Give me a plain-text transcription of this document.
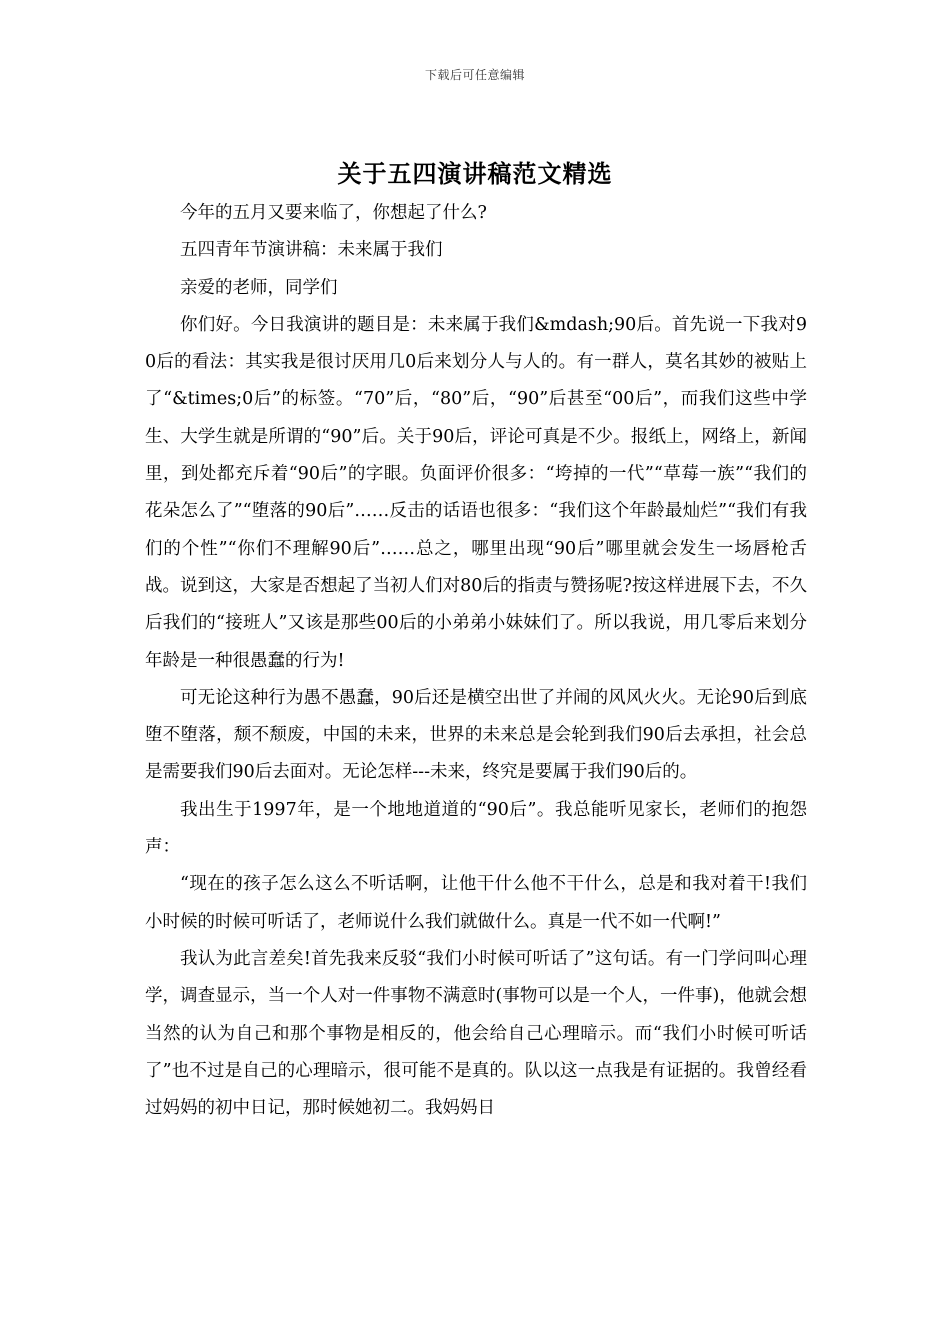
下载后可任意编辑
关于五四演讲稿范文精选

今年的五月又要来临了，你想起了什么?

五四青年节演讲稿：未来属于我们

亲爱的老师，同学们

你们好。今日我演讲的题目是：未来属于我们&mdash;90后。首先说一下我对90后的看法：其实我是很讨厌用几0后来划分人与人的。有一群人，莫名其妙的被贴上了“&times;0后”的标签。“70”后，“80”后，“90”后甚至“00后”，而我们这些中学生、大学生就是所谓的“90”后。关于90后，评论可真是不少。报纸上，网络上，新闻里，到处都充斥着“90后”的字眼。负面评价很多：“垮掉的一代”“草莓一族”“我们的花朵怎么了”“堕落的90后”……反击的话语也很多：“我们这个年龄最灿烂”“我们有我们的个性”“你们不理解90后”……总之，哪里出现“90后”哪里就会发生一场唇枪舌战。说到这，大家是否想起了当初人们对80后的指责与赞扬呢?按这样进展下去，不久后我们的“接班人”又该是那些00后的小弟弟小妹妹们了。所以我说，用几零后来划分年龄是一种很愚蠢的行为!

可无论这种行为愚不愚蠢，90后还是横空出世了并闹的风风火火。无论90后到底堕不堕落，颓不颓废，中国的未来，世界的未来总是会轮到我们90后去承担，社会总是需要我们90后去面对。无论怎样---未来，终究是要属于我们90后的。

我出生于1997年，是一个地地道道的“90后”。我总能听见家长，老师们的抱怨声：

“现在的孩子怎么这么不听话啊，让他干什么他不干什么，总是和我对着干!我们小时候的时候可听话了，老师说什么我们就做什么。真是一代不如一代啊!”

我认为此言差矣!首先我来反驳“我们小时候可听话了”这句话。有一门学问叫心理学，调查显示，当一个人对一件事物不满意时(事物可以是一个人，一件事)，他就会想当然的认为自己和那个事物是相反的，他会给自己心理暗示。而“我们小时候可听话了”也不过是自己的心理暗示，很可能不是真的。队以这一点我是有证据的。我曾经看过妈妈的初中日记，那时候她初二。我妈妈日
